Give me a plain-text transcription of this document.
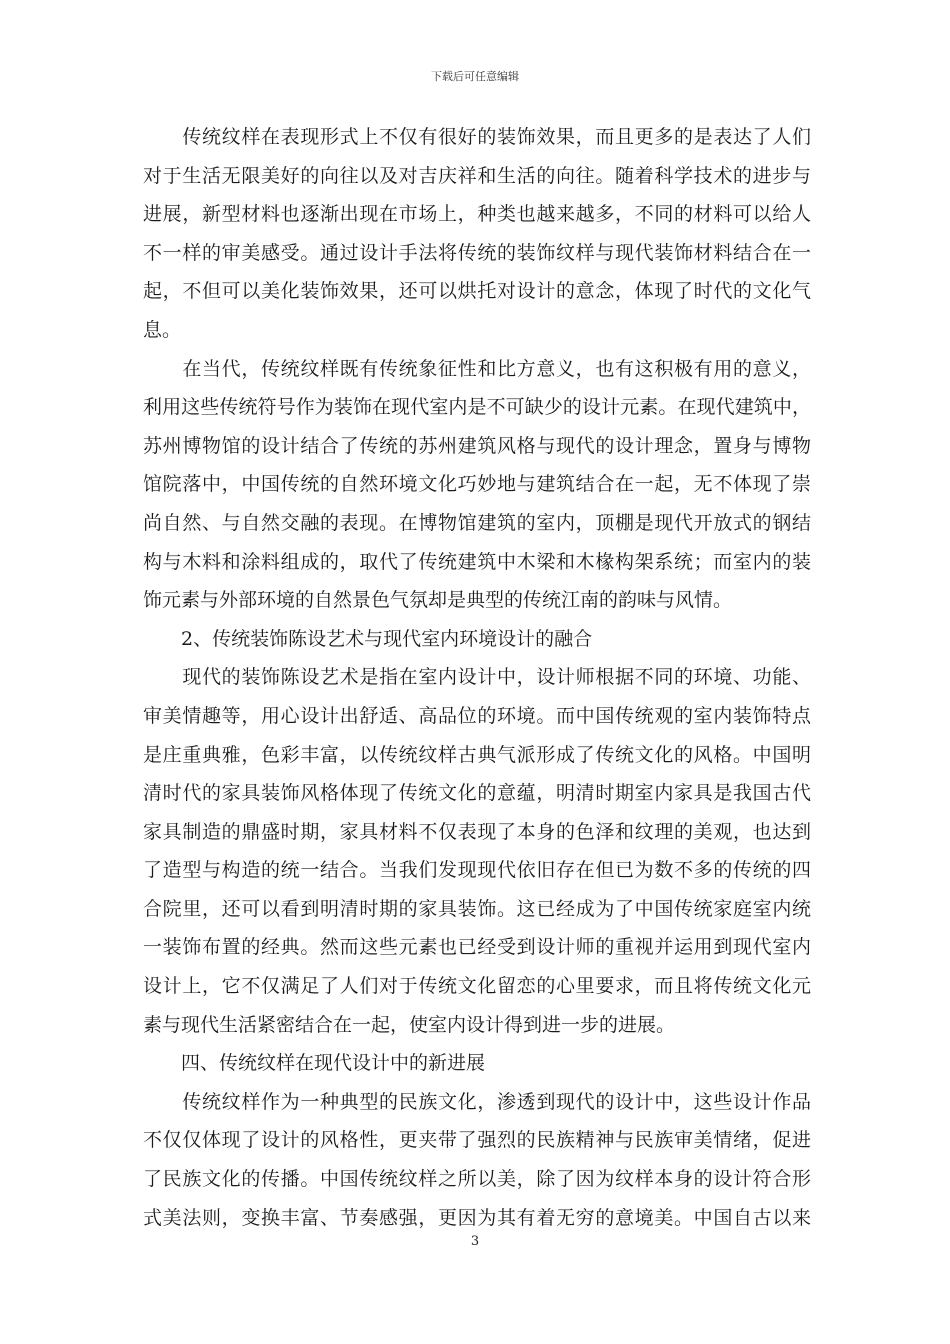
下载后可任意编辑
　　传统纹样在表现形式上不仅有很好的装饰效果，而且更多的是表达了人们
对于生活无限美好的向往以及对吉庆祥和生活的向往。随着科学技术的进步与
进展，新型材料也逐渐出现在市场上，种类也越来越多，不同的材料可以给人
不一样的审美感受。通过设计手法将传统的装饰纹样与现代装饰材料结合在一
起，不但可以美化装饰效果，还可以烘托对设计的意念，体现了时代的文化气
息。
　　在当代，传统纹样既有传统象征性和比方意义，也有这积极有用的意义，
利用这些传统符号作为装饰在现代室内是不可缺少的设计元素。在现代建筑中，
苏州博物馆的设计结合了传统的苏州建筑风格与现代的设计理念，置身与博物
馆院落中，中国传统的自然环境文化巧妙地与建筑结合在一起，无不体现了崇
尚自然、与自然交融的表现。在博物馆建筑的室内，顶棚是现代开放式的钢结
构与木料和涂料组成的，取代了传统建筑中木梁和木椽构架系统；而室内的装
饰元素与外部环境的自然景色气氛却是典型的传统江南的韵味与风情。
　　2、传统装饰陈设艺术与现代室内环境设计的融合
　　现代的装饰陈设艺术是指在室内设计中，设计师根据不同的环境、功能、
审美情趣等，用心设计出舒适、高品位的环境。而中国传统观的室内装饰特点
是庄重典雅，色彩丰富，以传统纹样古典气派形成了传统文化的风格。中国明
清时代的家具装饰风格体现了传统文化的意蕴，明清时期室内家具是我国古代
家具制造的鼎盛时期，家具材料不仅表现了本身的色泽和纹理的美观，也达到
了造型与构造的统一结合。当我们发现现代依旧存在但已为数不多的传统的四
合院里，还可以看到明清时期的家具装饰。这已经成为了中国传统家庭室内统
一装饰布置的经典。然而这些元素也已经受到设计师的重视并运用到现代室内
设计上，它不仅满足了人们对于传统文化留恋的心里要求，而且将传统文化元
素与现代生活紧密结合在一起，使室内设计得到进一步的进展。
　　四、传统纹样在现代设计中的新进展
　　传统纹样作为一种典型的民族文化，渗透到现代的设计中，这些设计作品
不仅仅体现了设计的风格性，更夹带了强烈的民族精神与民族审美情绪，促进
了民族文化的传播。中国传统纹样之所以美，除了因为纹样本身的设计符合形
式美法则，变换丰富、节奏感强，更因为其有着无穷的意境美。中国自古以来
3
